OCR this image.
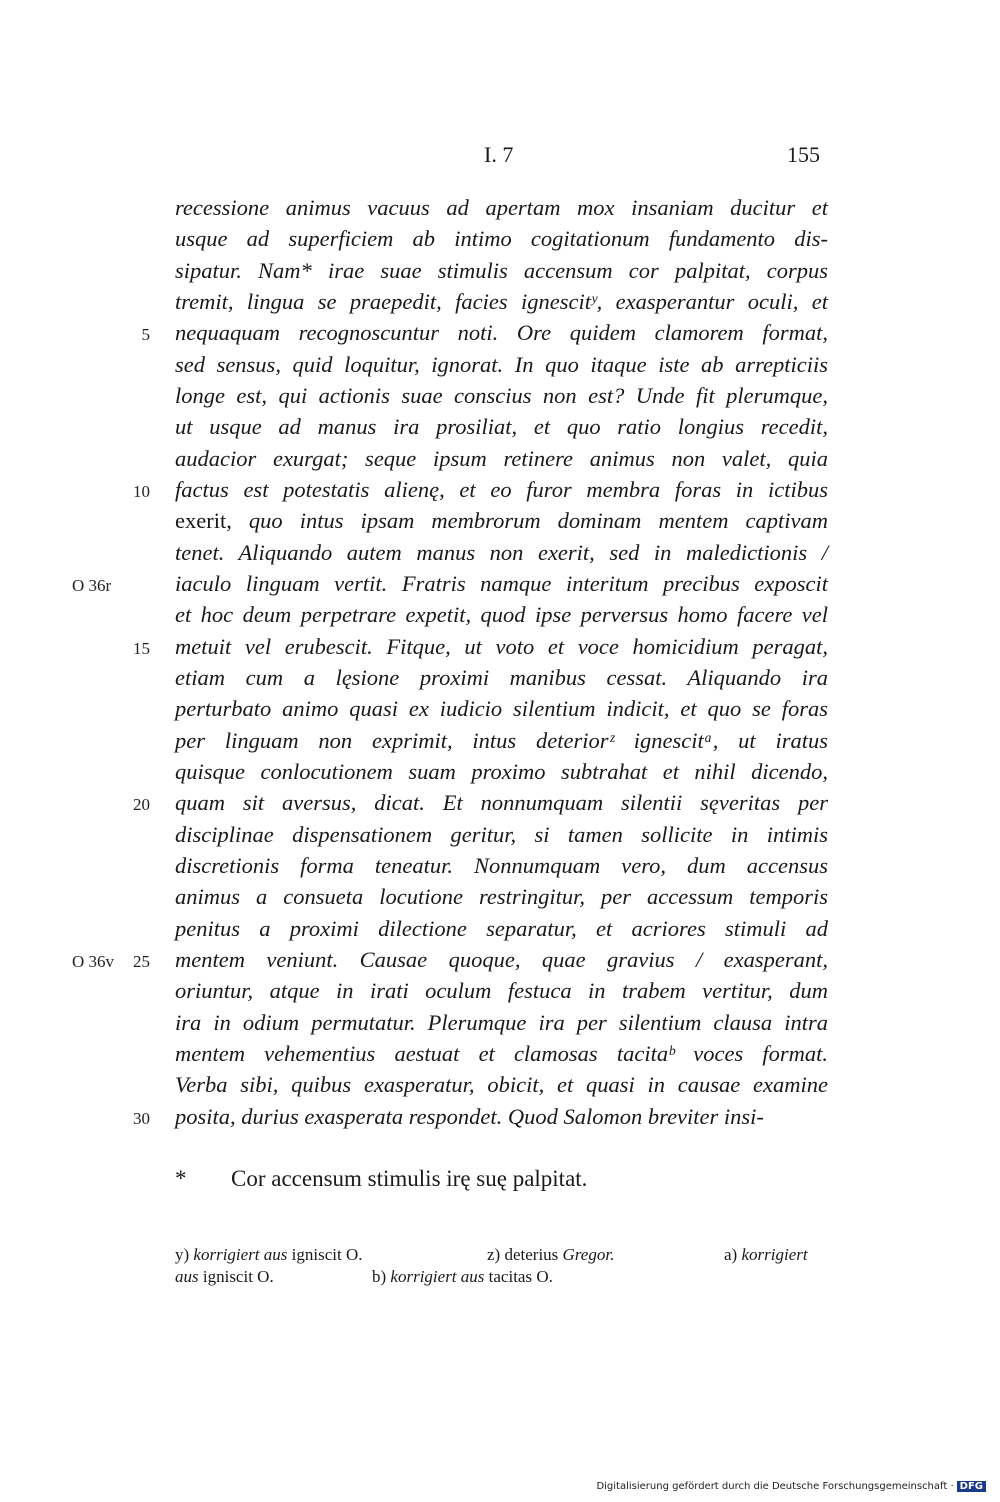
I. 7	155
recessione animus vacuus ad apertam mox insaniam ducitur et
usque ad superficiem ab intimo cogitationum fundamento dis-
sipatur. Nam* irae suae stimulis accensum cor palpitat, corpus
tremit, lingua se praepedit, facies ignescitʸ, exasperantur oculi, et
nequaquam recognoscuntur noti. Ore quidem clamorem format,
sed sensus, quid loquitur, ignorat. In quo itaque iste ab arrepticiis
longe est, qui actionis suae conscius non est? Unde fit plerumque,
ut usque ad manus ira prosiliat, et quo ratio longius recedit,
audacior exurgat; seque ipsum retinere animus non valet, quia
factus est potestatis alienę, et eo furor membra foras in ictibus
exerit, quo intus ipsam membrorum dominam mentem captivam
tenet. Aliquando autem manus non exerit, sed in maledictionis /
iaculo linguam vertit. Fratris namque interitum precibus exposcit
et hoc deum perpetrare expetit, quod ipse perversus homo facere vel
metuit vel erubescit. Fitque, ut voto et voce homicidium peragat,
etiam cum a lęsione proximi manibus cessat. Aliquando ira
perturbato animo quasi ex iudicio silentium indicit, et quo se foras
per linguam non exprimit, intus deteriorᶻ ignescitᵃ, ut iratus
quisque conlocutionem suam proximo subtrahat et nihil dicendo,
quam sit aversus, dicat. Et nonnumquam silentii sęveritas per
disciplinae dispensationem geritur, si tamen sollicite in intimis
discretionis forma teneatur. Nonnumquam vero, dum accensus
animus a consueta locutione restringitur, per accessum temporis
penitus a proximi dilectione separatur, et acriores stimuli ad
mentem veniunt. Causae quoque, quae gravius / exasperant,
oriuntur, atque in irati oculum festuca in trabem vertitur, dum
ira in odium permutatur. Plerumque ira per silentium clausa intra
mentem vehementius aestuat et clamosas tacitaᵇ voces format.
Verba sibi, quibus exasperatur, obicit, et quasi in causae examine
posita, durius exasperata respondet. Quod Salomon breviter insi-
5
10
O 36r
15
20
O 36v	25
30
* Cor accensum stimulis irę suę palpitat.
y) korrigiert aus igniscit O.	z) deterius Gregor.	a) korrigiert
aus igniscit O.	b) korrigiert aus tacitas O.
Digitalisierung gefördert durch die Deutsche Forschungsgemeinschaft · DFG
